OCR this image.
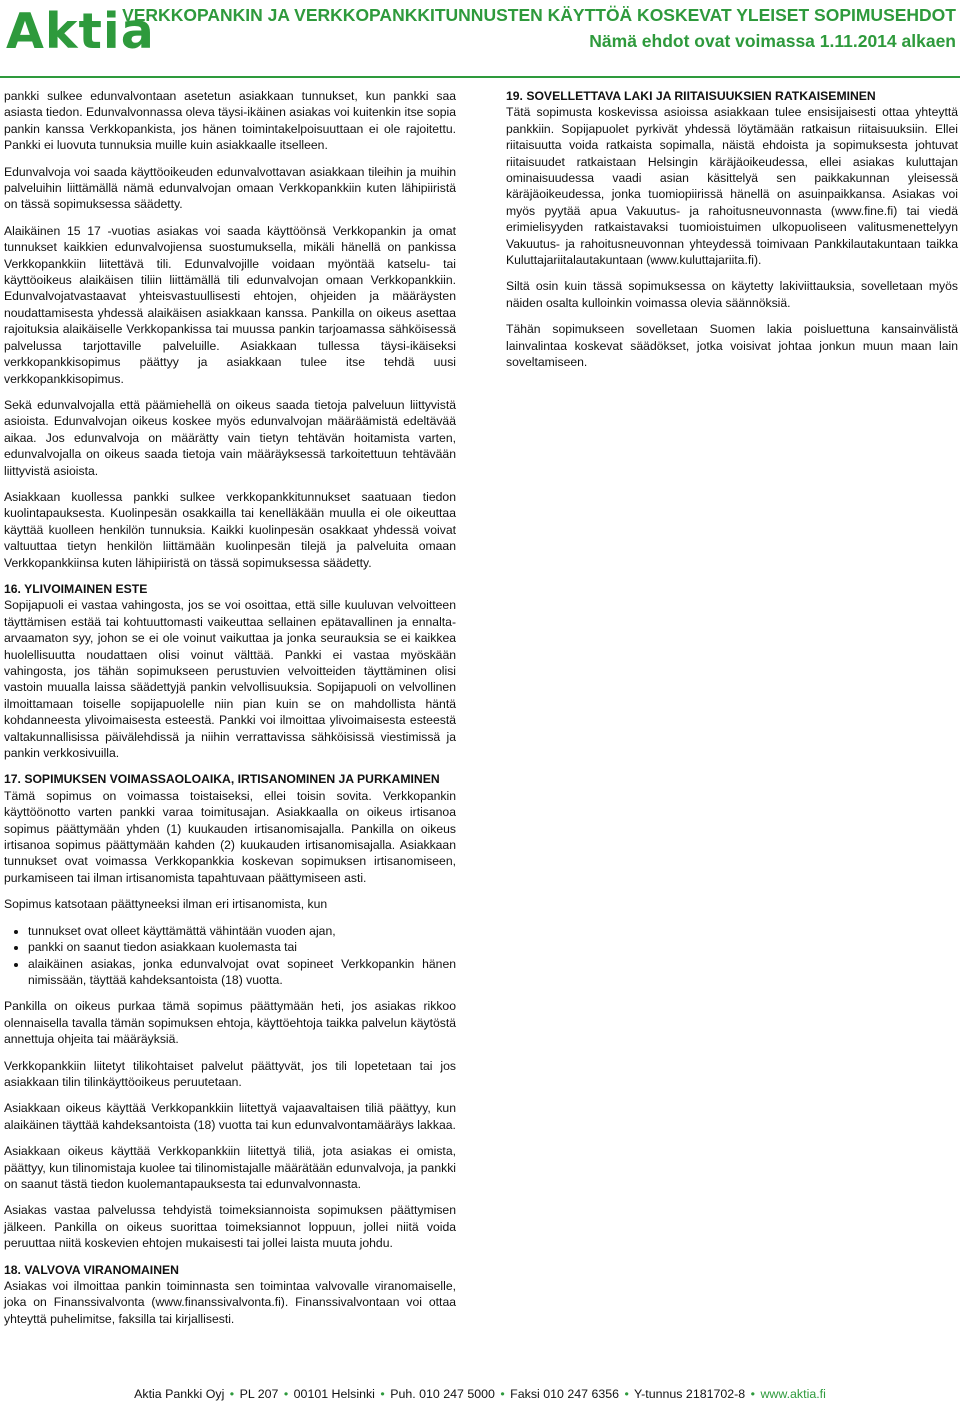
Aktia
VERKKOPANKIN JA VERKKOPANKKITUNNUSTEN KÄYTTÖÄ KOSKEVAT YLEISET SOPIMUSEHDOT
Nämä ehdot ovat voimassa 1.11.2014 alkaen

pankki sulkee edunvalvontaan asetetun asiakkaan tunnukset, kun pankki saa asiasta tiedon. Edunvalvonnassa oleva täysi-ikäinen asiakas voi kuitenkin itse sopia pankin kanssa Verkkopankista, jos hänen toimintakelpoisuuttaan ei ole rajoitettu. Pankki ei luovuta tunnuksia muille kuin asiakkaalle itselleen.

Edunvalvoja voi saada käyttöoikeuden edunvalvottavan asiakkaan tileihin ja muihin palveluihin liittämällä nämä edunvalvojan omaan Verkkopankkiin kuten lähipiiristä on tässä sopimuksessa säädetty.

Alaikäinen 15 17 -vuotias asiakas voi saada käyttöönsä Verkkopankin ja omat tunnukset kaikkien edunvalvojiensa suostumuksella, mikäli hänellä on pankissa Verkkopankkiin liitettävä tili. Edunvalvojille voidaan myöntää katselu- tai käyttöoikeus alaikäisen tiliin liittämällä tili edunvalvojan omaan Verkkopankkiin. Edunvalvojatvastaavat yhteisvastuullisesti ehtojen, ohjeiden ja määräysten noudattamisesta yhdessä alaikäisen asiakkaan kanssa. Pankilla on oikeus asettaa rajoituksia alaikäiselle Verkkopankissa tai muussa pankin tarjoamassa sähköisessä palvelussa tarjottaville palveluille. Asiakkaan tullessa täysi-ikäiseksi verkkopankkisopimus päättyy ja asiakkaan tulee itse tehdä uusi verkkopankkisopimus.

Sekä edunvalvojalla että päämiehellä on oikeus saada tietoja palveluun liittyvistä asioista. Edunvalvojan oikeus koskee myös edunvalvojan määräämistä edeltävää aikaa. Jos edunvalvoja on määrätty vain tietyn tehtävän hoitamista varten, edunvalvojalla on oikeus saada tietoja vain määräyksessä tarkoitettuun tehtävään liittyvistä asioista.

Asiakkaan kuollessa pankki sulkee verkkopankkitunnukset saatuaan tiedon kuolintapauksesta. Kuolinpesän osakkailla tai kenelläkään muulla ei ole oikeuttaa käyttää kuolleen henkilön tunnuksia. Kaikki kuolinpesän osakkaat yhdessä voivat valtuuttaa tietyn henkilön liittämään kuolinpesän tilejä ja palveluita omaan Verkkopankkiinsa kuten lähipiiristä on tässä sopimuksessa säädetty.

16. YLIVOIMAINEN ESTE

Sopijapuoli ei vastaa vahingosta, jos se voi osoittaa, että sille kuuluvan velvoitteen täyttämisen estää tai kohtuuttomasti vaikeuttaa sellainen epätavallinen ja ennalta-arvaamaton syy, johon se ei ole voinut vaikuttaa ja jonka seurauksia se ei kaikkea huolellisuutta noudattaen olisi voinut välttää. Pankki ei vastaa myöskään vahingosta, jos tähän sopimukseen perustuvien velvoitteiden täyttäminen olisi vastoin muualla laissa säädettyjä pankin velvollisuuksia. Sopijapuoli on velvollinen ilmoittamaan toiselle sopijapuolelle niin pian kuin se on mahdollista häntä kohdanneesta ylivoimaisesta esteestä. Pankki voi ilmoittaa ylivoimaisesta esteestä valtakunnallisissa päivälehdissä ja niihin verrattavissa sähköisissä viestimissä ja pankin verkkosivuilla.

17. SOPIMUKSEN VOIMASSAOLOAIKA, IRTISANOMINEN JA PURKAMINEN

Tämä sopimus on voimassa toistaiseksi, ellei toisin sovita. Verkkopankin käyttöönotto varten pankki varaa toimitusajan. Asiakkaalla on oikeus irtisanoa sopimus päättymään yhden (1) kuukauden irtisanomisajalla. Pankilla on oikeus irtisanoa sopimus päättymään kahden (2) kuukauden irtisanomisajalla. Asiakkaan tunnukset ovat voimassa Verkkopankkia koskevan sopimuksen irtisanomiseen, purkamiseen tai ilman irtisanomista tapahtuvaan päättymiseen asti.

Sopimus katsotaan päättyneeksi ilman eri irtisanomista, kun

• tunnukset ovat olleet käyttämättä vähintään vuoden ajan,
• pankki on saanut tiedon asiakkaan kuolemasta tai
• alaikäinen asiakas, jonka edunvalvojat ovat sopineet Verkkopankin hänen nimissään, täyttää kahdeksantoista (18) vuotta.

Pankilla on oikeus purkaa tämä sopimus päättymään heti, jos asiakas rikkoo olennaisella tavalla tämän sopimuksen ehtoja, käyttöehtoja taikka palvelun käytöstä annettuja ohjeita tai määräyksiä.

Verkkopankkiin liitetyt tilikohtaiset palvelut päättyvät, jos tili lopetetaan tai jos asiakkaan tilin tilinkäyttöoikeus peruutetaan.

Asiakkaan oikeus käyttää Verkkopankkiin liitettyä vajaavaltaisen tiliä päättyy, kun alaikäinen täyttää kahdeksantoista (18) vuotta tai kun edunvalvontamääräys lakkaa.

Asiakkaan oikeus käyttää Verkkopankkiin liitettyä tiliä, jota asiakas ei omista, päättyy, kun tilinomistaja kuolee tai tilinomistajalle määrätään edunvalvoja, ja pankki on saanut tästä tiedon kuolemantapauksesta tai edunvalvonnasta.

Asiakas vastaa palvelussa tehdyistä toimeksiannoista sopimuksen päättymisen jälkeen. Pankilla on oikeus suorittaa toimeksiannot loppuun, jollei niitä voida peruuttaa niitä koskevien ehtojen mukaisesti tai jollei laista muuta johdu.

18. VALVOVA VIRANOMAINEN

Asiakas voi ilmoittaa pankin toiminnasta sen toimintaa valvovalle viranomaiselle, joka on Finanssivalvonta (www.finanssivalvonta.fi). Finanssivalvontaan voi ottaa yhteyttä puhelimitse, faksilla tai kirjallisesti.

19. SOVELLETTAVA LAKI JA RIITAISUUKSIEN RATKAISEMINEN

Tätä sopimusta koskevissa asioissa asiakkaan tulee ensisijaisesti ottaa yhteyttä pankkiin. Sopijapuolet pyrkivät yhdessä löytämään ratkaisun riitaisuuksiin. Ellei riitaisuutta voida ratkaista sopimalla, näistä ehdoista ja sopimuksesta johtuvat riitaisuudet ratkaistaan Helsingin käräjäoikeudessa, ellei asiakas kuluttajan ominaisuudessa vaadi asian käsittelyä sen paikkakunnan yleisessä käräjäoikeudessa, jonka tuomiopiirissä hänellä on asuinpaikkansa. Asiakas voi myös pyytää apua Vakuutus- ja rahoitusneuvonnasta (www.fine.fi) tai viedä erimielisyyden ratkaistavaksi tuomioistuimen ulkopuoliseen valitusmenettelyyn Vakuutus- ja rahoitusneuvonnan yhteydessä toimivaan Pankkilautakuntaan taikka Kuluttajariitalautakuntaan (www.kuluttajariita.fi).

Siltä osin kuin tässä sopimuksessa on käytetty lakiviittauksia, sovelletaan myös näiden osalta kulloinkin voimassa olevia säännöksiä.

Tähän sopimukseen sovelletaan Suomen lakia poisluettuna kansainvälistä lainvalintaa koskevat säädökset, jotka voisivat johtaa jonkun muun maan lain soveltamiseen.

Aktia Pankki Oyj • PL 207 • 00101 Helsinki • Puh. 010 247 5000 • Faksi 010 247 6356 • Y-tunnus 2181702-8 • www.aktia.fi
